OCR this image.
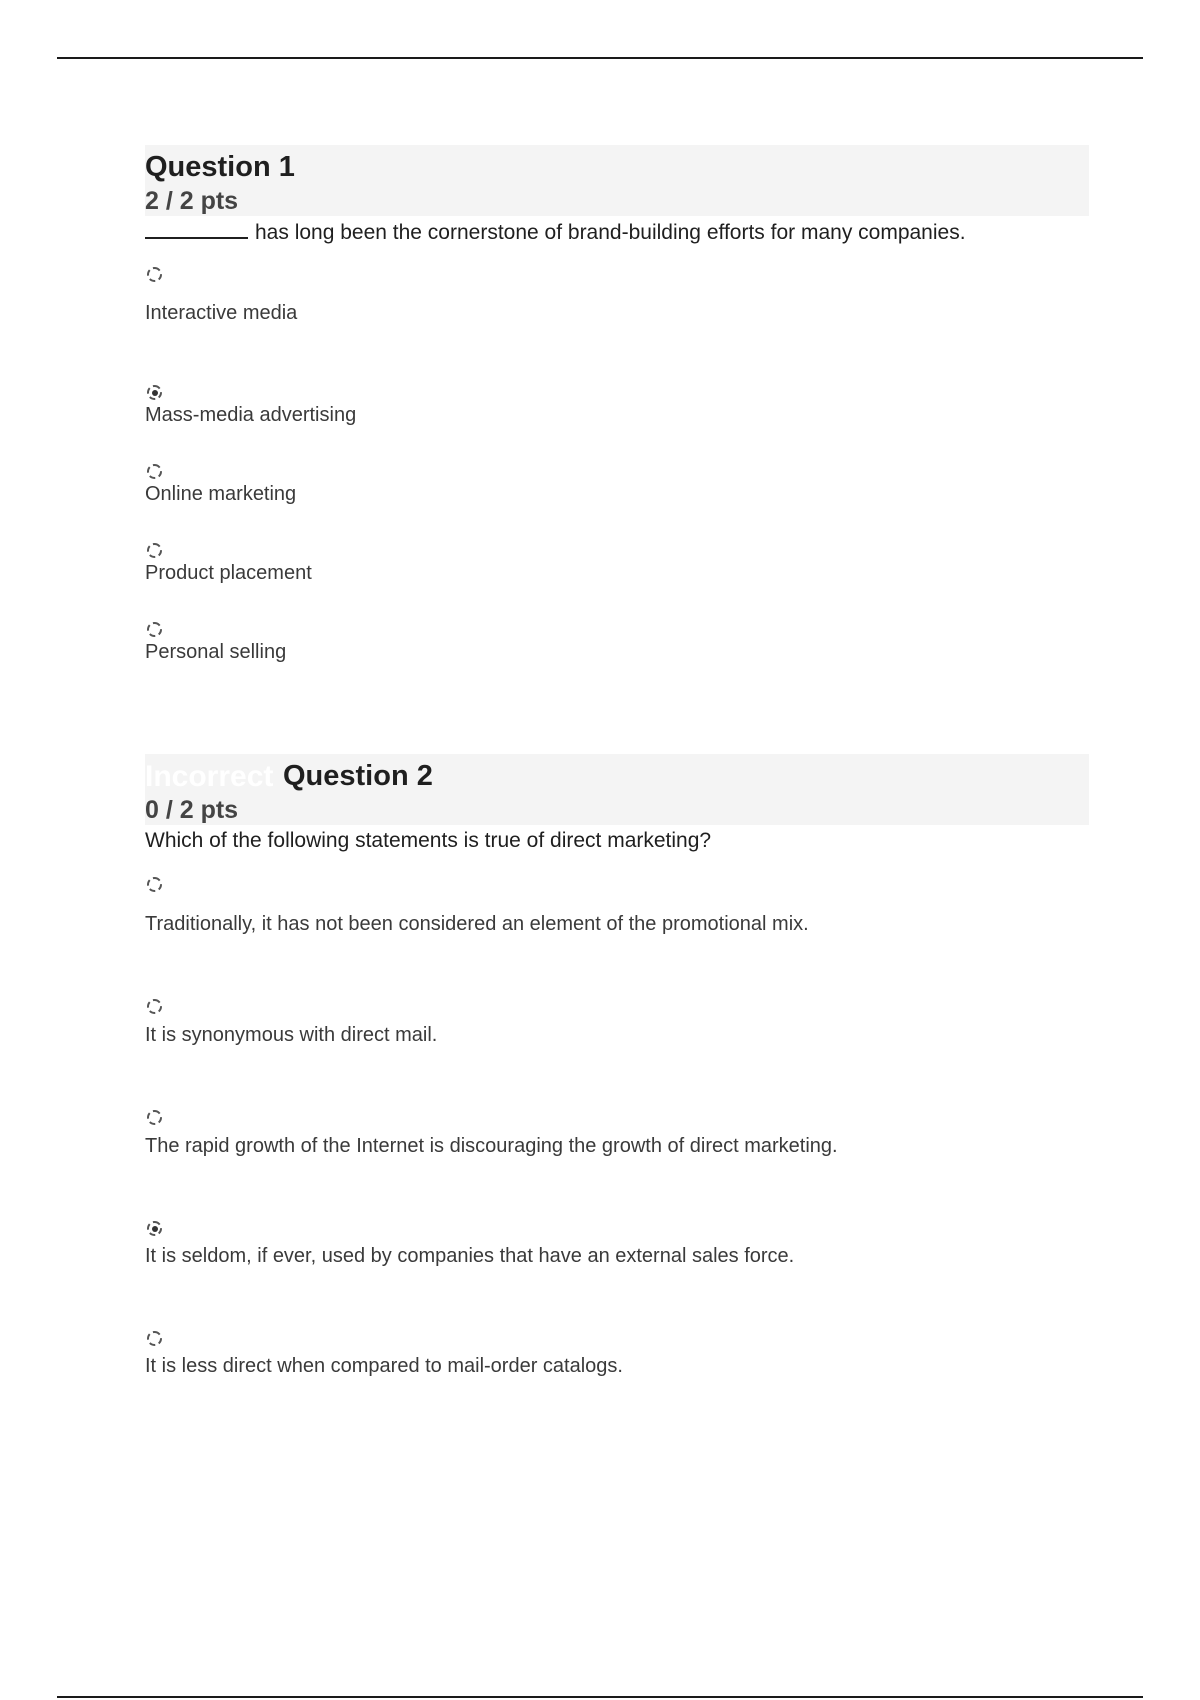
Question 1
2 / 2 pts
has long been the cornerstone of brand-building efforts for many companies.
Interactive media
Mass-media advertising
Online marketing
Product placement
Personal selling
Incorrect Question 2
0 / 2 pts
Which of the following statements is true of direct marketing?
Traditionally, it has not been considered an element of the promotional mix.
It is synonymous with direct mail.
The rapid growth of the Internet is discouraging the growth of direct marketing.
It is seldom, if ever, used by companies that have an external sales force.
It is less direct when compared to mail-order catalogs.
